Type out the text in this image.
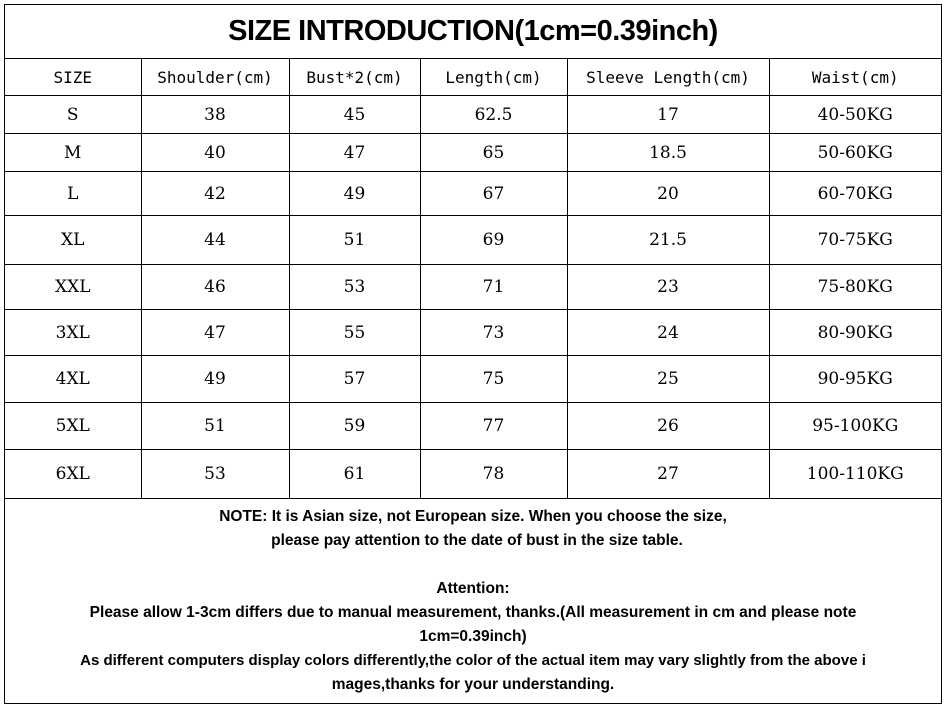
SIZE INTRODUCTION(1cm=0.39inch)
SIZE	Shoulder(cm)	Bust*2(cm)	Length(cm)	Sleeve Length(cm)	Waist(cm)
S	38	45	62.5	17	40-50KG
M	40	47	65	18.5	50-60KG
L	42	49	67	20	60-70KG
XL	44	51	69	21.5	70-75KG
XXL	46	53	71	23	75-80KG
3XL	47	55	73	24	80-90KG
4XL	49	57	75	25	90-95KG
5XL	51	59	77	26	95-100KG
6XL	53	61	78	27	100-110KG

NOTE: It is Asian size, not European size. When you choose the size,

please pay attention to the date of bust in the size table.

Attention:

Please allow 1-3cm differs due to manual measurement, thanks.(All measurement in cm and please note

1cm=0.39inch)

As different computers display colors differently,the color of the actual item may vary slightly from the above i

mages,thanks for your understanding.
